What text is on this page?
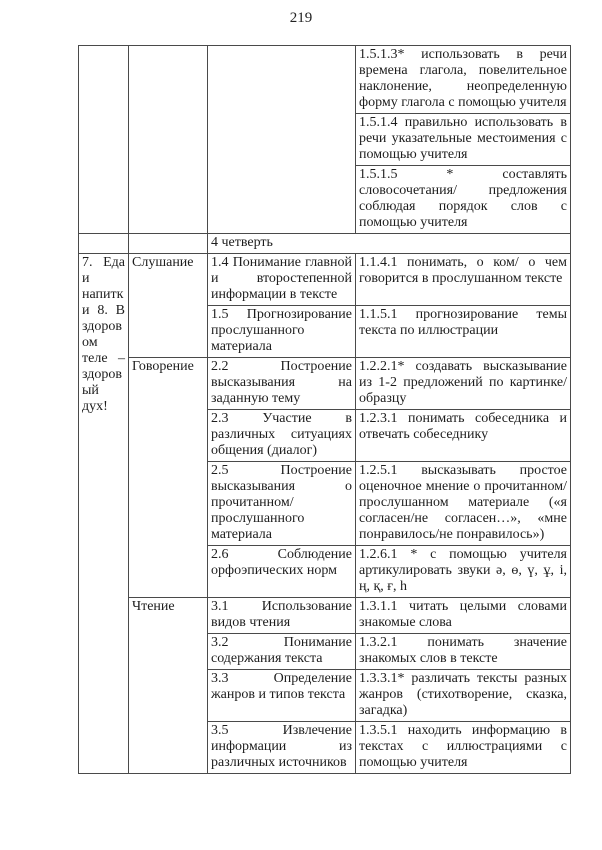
219
			1.5.1.3* использовать в речи времена глагола, повелительное наклонение, неопределенную форму глагола с помощью учителя
			1.5.1.4 правильно использовать в речи указательные местоимения с помощью учителя
			1.5.1.5 * составлять словосочетания/ предложения соблюдая порядок слов с помощью учителя
		4 четверть	
7. Еда и напитки 8. В здоровом теле – здоровый дух!	Слушание	1.4 Понимание главной и второстепенной информации в тексте	1.1.4.1 понимать, о ком/ о чем говорится в прослушанном тексте
		1.5 Прогнозирование прослушанного материала	1.1.5.1 прогнозирование темы текста по иллюстрации
	Говорение	2.2 Построение высказывания на заданную тему	1.2.2.1* создавать высказывание из 1-2 предложений по картинке/образцу
		2.3 Участие в различных ситуациях общения (диалог)	1.2.3.1 понимать собеседника и отвечать собеседнику
		2.5 Построение высказывания о прочитанном/прослушанного материала	1.2.5.1 высказывать простое оценочное мнение о прочитанном/ прослушанном материале («я согласен/не согласен…», «мне понравилось/не понравилось»)
		2.6 Соблюдение орфоэпических норм	1.2.6.1 * с помощью учителя артикулировать звуки ә, ө, ү, ұ, і, ң, қ, ғ, һ
	Чтение	3.1 Использование видов чтения	1.3.1.1 читать целыми словами знакомые слова
		3.2 Понимание содержания текста	1.3.2.1 понимать значение знакомых слов в тексте
		3.3 Определение жанров и типов текста	1.3.3.1* различать тексты разных жанров (стихотворение, сказка, загадка)
		3.5 Извлечение информации из различных источников	1.3.5.1 находить информацию в текстах с иллюстрациями с помощью учителя
